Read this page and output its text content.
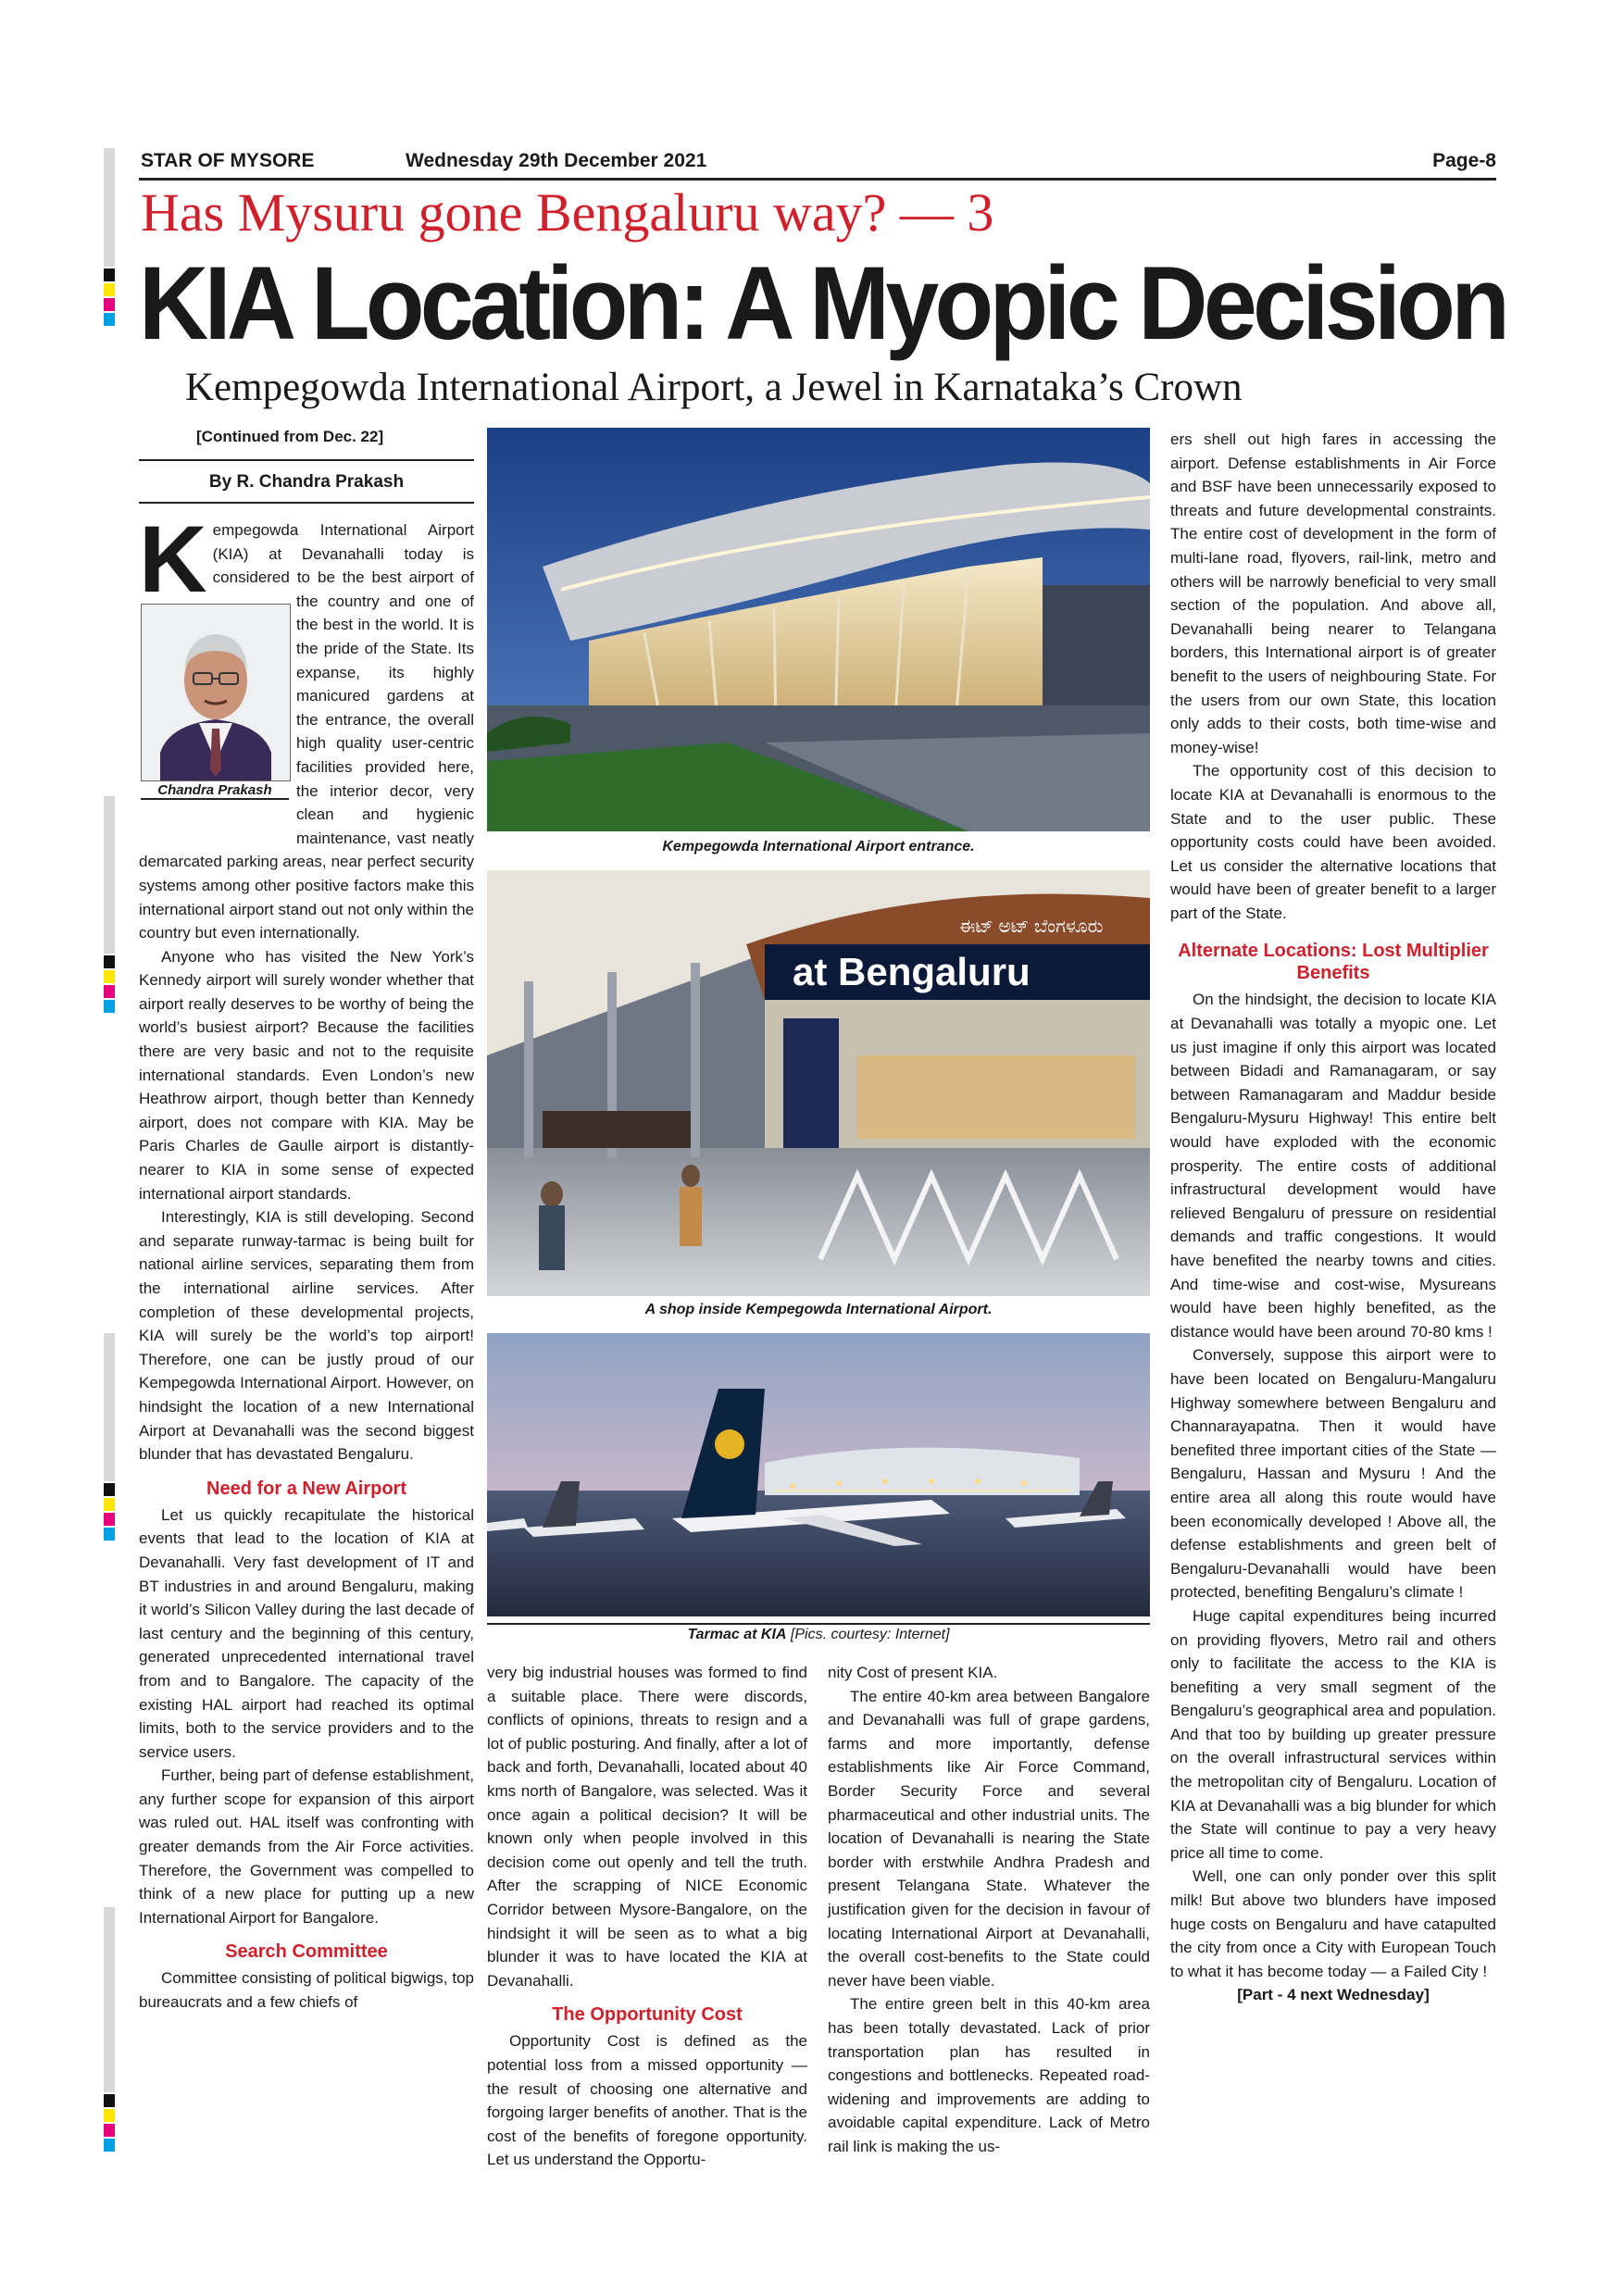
STAR OF MYSORE	Wednesday 29th December 2021	Page-8
Has Mysuru gone Bengaluru way? — 3
KIA Location: A Myopic Decision
Kempegowda International Airport, a Jewel in Karnataka’s Crown
[Continued from Dec. 22]
By R. Chandra Prakash
Chandra Prakash
K empegowda International Airport (KIA) at Devanahalli today is considered to be the best airport of the country and one of the best in the world. It is the pride of the State. Its expanse, its highly manicured gardens at the entrance, the overall high quality user-centric facilities provided here, the interior decor, very clean and hygienic maintenance, vast neatly demarcated parking areas, near perfect security systems among other positive factors make this international airport stand out not only within the country but even internationally.

Anyone who has visited the New York’s Kennedy airport will surely wonder whether that airport really deserves to be worthy of being the world’s busiest airport? Because the facilities there are very basic and not to the requisite international standards. Even London’s new Heathrow airport, though better than Kennedy airport, does not compare with KIA. May be Paris Charles de Gaulle airport is distantly-nearer to KIA in some sense of expected international airport standards.

Interestingly, KIA is still developing. Second and separate runway-tarmac is being built for national airline services, separating them from the international airline services. After completion of these developmental projects, KIA will surely be the world’s top airport! Therefore, one can be justly proud of our Kempegowda International Airport. However, on hindsight the location of a new International Airport at Devanahalli was the second biggest blunder that has devastated Bengaluru.

Need for a New Airport

Let us quickly recapitulate the historical events that lead to the location of KIA at Devanahalli. Very fast development of IT and BT industries in and around Bengaluru, making it world’s Silicon Valley during the last decade of last century and the beginning of this century, generated unprecedented international travel from and to Bangalore. The capacity of the existing HAL airport had reached its optimal limits, both to the service providers and to the service users.

Further, being part of defense establishment, any further scope for expansion of this airport was ruled out. HAL itself was confronting with greater demands from the Air Force activities. Therefore, the Government was compelled to think of a new place for putting up a new International Airport for Bangalore.

Search Committee

Committee consisting of political bigwigs, top bureaucrats and a few chiefs of

Kempegowda International Airport entrance.
at Bengaluru
ಈಟ್ ಅಟ್ ಬೆಂಗಳೂರು
A shop inside Kempegowda International Airport.
Tarmac at KIA [Pics. courtesy: Internet]

very big industrial houses was formed to find a suitable place. There were discords, conflicts of opinions, threats to resign and a lot of public posturing. And finally, after a lot of back and forth, Devanahalli, located about 40 kms north of Bangalore, was selected. Was it once again a political decision? It will be known only when people involved in this decision come out openly and tell the truth. After the scrapping of NICE Economic Corridor between Mysore-Bangalore, on the hindsight it will be seen as to what a big blunder it was to have located the KIA at Devanahalli.

The Opportunity Cost

Opportunity Cost is defined as the potential loss from a missed opportunity — the result of choosing one alternative and forgoing larger benefits of another. That is the cost of the benefits of foregone opportunity. Let us understand the Opportu-

nity Cost of present KIA.

The entire 40-km area between Bangalore and Devanahalli was full of grape gardens, farms and more importantly, defense establishments like Air Force Command, Border Security Force and several pharmaceutical and other industrial units. The location of Devanahalli is nearing the State border with erstwhile Andhra Pradesh and present Telangana State. Whatever the justification given for the decision in favour of locating International Airport at Devanahalli, the overall cost-benefits to the State could never have been viable.

The entire green belt in this 40-km area has been totally devastated. Lack of prior transportation plan has resulted in congestions and bottlenecks. Repeated road-widening and improvements are adding to avoidable capital expenditure. Lack of Metro rail link is making the us-

ers shell out high fares in accessing the airport. Defense establishments in Air Force and BSF have been unnecessarily exposed to threats and future developmental constraints. The entire cost of development in the form of multi-lane road, flyovers, rail-link, metro and others will be narrowly beneficial to very small section of the population. And above all, Devanahalli being nearer to Telangana borders, this International airport is of greater benefit to the users of neighbouring State. For the users from our own State, this location only adds to their costs, both time-wise and money-wise!

The opportunity cost of this decision to locate KIA at Devanahalli is enormous to the State and to the user public. These opportunity costs could have been avoided. Let us consider the alternative locations that would have been of greater benefit to a larger part of the State.

Alternate Locations: Lost Multiplier Benefits

On the hindsight, the decision to locate KIA at Devanahalli was totally a myopic one. Let us just imagine if only this airport was located between Bidadi and Ramanagaram, or say between Ramanagaram and Maddur beside Bengaluru-Mysuru Highway! This entire belt would have exploded with the economic prosperity. The entire costs of additional infrastructural development would have relieved Bengaluru of pressure on residential demands and traffic congestions. It would have benefited the nearby towns and cities. And time-wise and cost-wise, Mysureans would have been highly benefited, as the distance would have been around 70-80 kms !

Conversely, suppose this airport were to have been located on Bengaluru-Mangaluru Highway somewhere between Bengaluru and Channarayapatna. Then it would have benefited three important cities of the State — Bengaluru, Hassan and Mysuru ! And the entire area all along this route would have been economically developed ! Above all, the defense establishments and green belt of Bengaluru-Devanahalli would have been protected, benefiting Bengaluru’s climate !

Huge capital expenditures being incurred on providing flyovers, Metro rail and others only to facilitate the access to the KIA is benefiting a very small segment of the Bengaluru’s geographical area and population. And that too by building up greater pressure on the overall infrastructural services within the metropolitan city of Bengaluru. Location of KIA at Devanahalli was a big blunder for which the State will continue to pay a very heavy price all time to come.

Well, one can only ponder over this split milk! But above two blunders have imposed huge costs on Bengaluru and have catapulted the city from once a City with European Touch to what it has become today — a Failed City !

[Part - 4 next Wednesday]
